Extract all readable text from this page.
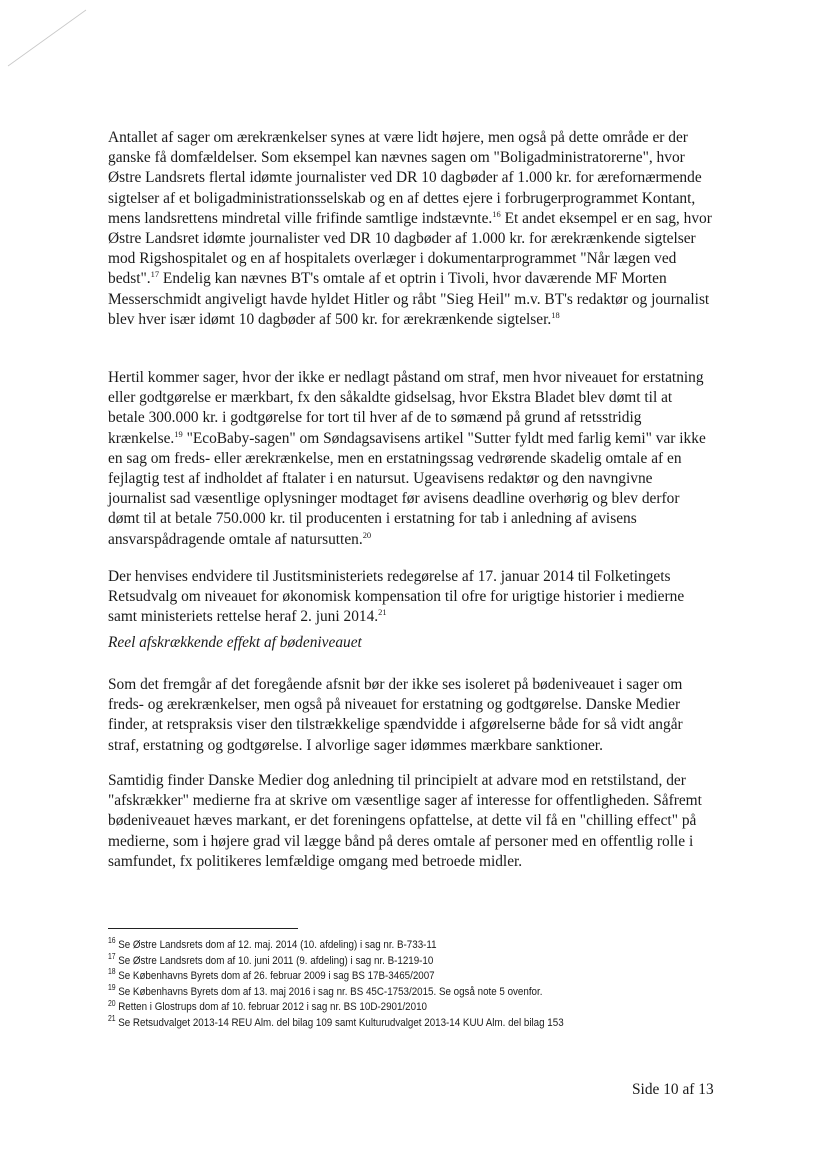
Antallet af sager om ærekrænkelser synes at være lidt højere, men også på dette område er der ganske få domfældelser. Som eksempel kan nævnes sagen om "Boligadministratorerne", hvor Østre Landsrets flertal idømte journalister ved DR 10 dagbøder af 1.000 kr. for ærefornærmende sigtelser af et boligadministrationsselskab og en af dettes ejere i forbrugerprogrammet Kontant, mens landsrettens mindretal ville frifinde samtlige indstævnte.$^{16}$ Et andet eksempel er en sag, hvor Østre Landsret idømte journalister ved DR 10 dagbøder af 1.000 kr. for ærekrænkende sigtelser mod Rigshospitalet og en af hospitalets overlæger i dokumentarprogrammet "Når lægen ved bedst".$^{17}$ Endelig kan nævnes BT's omtale af et optrin i Tivoli, hvor daværende MF Morten Messerschmidt angiveligt havde hyldet Hitler og råbt "Sieg Heil" m.v. BT's redaktør og journalist blev hver især idømt 10 dagbøder af 500 kr. for ærekrænkende sigtelser.$^{18}$

Hertil kommer sager, hvor der ikke er nedlagt påstand om straf, men hvor niveauet for erstatning eller godtgørelse er mærkbart, fx den såkaldte gidselsag, hvor Ekstra Bladet blev dømt til at betale 300.000 kr. i godtgørelse for tort til hver af de to sømænd på grund af retsstridig krænkelse.$^{19}$ "EcoBaby-sagen" om Søndagsavisens artikel "Sutter fyldt med farlig kemi" var ikke en sag om freds- eller ærekrænkelse, men en erstatningssag vedrørende skadelig omtale af en fejlagtig test af indholdet af ftalater i en natursut. Ugeavisens redaktør og den navngivne journalist sad væsentlige oplysninger modtaget før avisens deadline overhørig og blev derfor dømt til at betale 750.000 kr. til producenten i erstatning for tab i anledning af avisens ansvarspådragende omtale af natursutten.$^{20}$

Der henvises endvidere til Justitsministeriets redegørelse af 17. januar 2014 til Folketingets Retsudvalg om niveauet for økonomisk kompensation til ofre for urigtige historier i medierne samt ministeriets rettelse heraf 2. juni 2014.21

Reel afskrækkende effekt af bødeniveauet

Som det fremgår af det foregående afsnit bør der ikke ses isoleret på bødeniveauet i sager om freds- og ærekrænkelser, men også på niveauet for erstatning og godtgørelse. Danske Medier finder, at retspraksis viser den tilstrækkelige spændvidde i afgørelserne både for så vidt angår straf, erstatning og godtgørelse. I alvorlige sager idømmes mærkbare sanktioner.

Samtidig finder Danske Medier dog anledning til principielt at advare mod en retstilstand, der "afskrækker" medierne fra at skrive om væsentlige sager af interesse for offentligheden. Såfremt bødeniveauet hæves markant, er det foreningens opfattelse, at dette vil få en "chilling effect" på medierne, som i højere grad vil lægge bånd på deres omtale af personer med en offentlig rolle i samfundet, fx politikeres lemfældige omgang med betroede midler.

$^{16}$ Se Østre Landsrets dom af 12. maj. 2014 (10. afdeling) i sag nr. B-733-11
$^{17}$ Se Østre Landsrets dom af 10. juni 2011 (9. afdeling) i sag nr. B-1219-10
$^{18}$ Se Københavns Byrets dom af 26. februar 2009 i sag BS 17B-3465/2007
$^{19}$ Se Københavns Byrets dom af 13. maj 2016 i sag nr. BS 45C-1753/2015. Se også note 5 ovenfor.
$^{20}$ Retten i Glostrups dom af 10. februar 2012 i sag nr. BS 10D-2901/2010
$^{21}$ Se Retsudvalget 2013-14 REU Alm. del bilag 109 samt Kulturudvalget 2013-14 KUU Alm. del bilag 153

Side 10 af 13
